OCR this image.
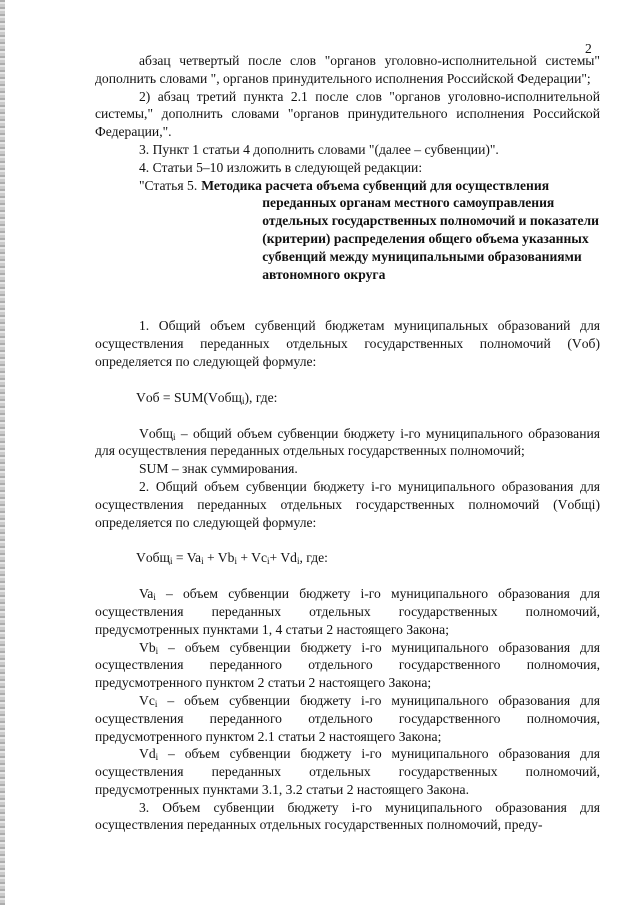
2

абзац четвертый после слов "органов уголовно-исполнительной системы" дополнить словами ", органов принудительного исполнения Российской Федерации";

2) абзац третий пункта 2.1 после слов "органов уголовно-исполнительной системы," дополнить словами "органов принудительного исполнения Российской Федерации,".

3. Пункт 1 статьи 4 дополнить словами "(далее – субвенции)".

4. Статьи 5–10 изложить в следующей редакции:

"Статья 5. Методика расчета объема субвенций для осуществления
переданных органам местного самоуправления
отдельных государственных полномочий и показатели
(критерии) распределения общего объема указанных
субвенций между муниципальными образованиями
автономного округа

1. Общий объем субвенций бюджетам муниципальных образований для осуществления переданных отдельных государственных полномочий (Vоб) определяется по следующей формуле:

Vоб = SUM(Vобщ$_i$), где:

Vобщ$_i$ – общий объем субвенции бюджету i-го муниципального образования для осуществления переданных отдельных государственных полномочий;

SUM – знак суммирования.

2. Общий объем субвенции бюджету i-го муниципального образования для осуществления переданных отдельных государственных полномочий (Vобщi) определяется по следующей формуле:

Vобщ$_i$ = $Va_i + Vb_i + Vc_i+ Vd_i$, где:

$Va_i$ – объем субвенции бюджету i-го муниципального образования для осуществления переданных отдельных государственных полномочий, предусмотренных пунктами 1, 4 статьи 2 настоящего Закона;

$Vb_i$ – объем субвенции бюджету i-го муниципального образования для осуществления переданного отдельного государственного полномочия, предусмотренного пунктом 2 статьи 2 настоящего Закона;

$Vc_i$ – объем субвенции бюджету i-го муниципального образования для осуществления переданного отдельного государственного полномочия, предусмотренного пунктом 2.1 статьи 2 настоящего Закона;

$Vd_i$ – объем субвенции бюджету i-го муниципального образования для осуществления переданных отдельных государственных полномочий, предусмотренных пунктами 3.1, 3.2 статьи 2 настоящего Закона.

3. Объем субвенции бюджету i-го муниципального образования для осуществления переданных отдельных государственных полномочий, преду-
